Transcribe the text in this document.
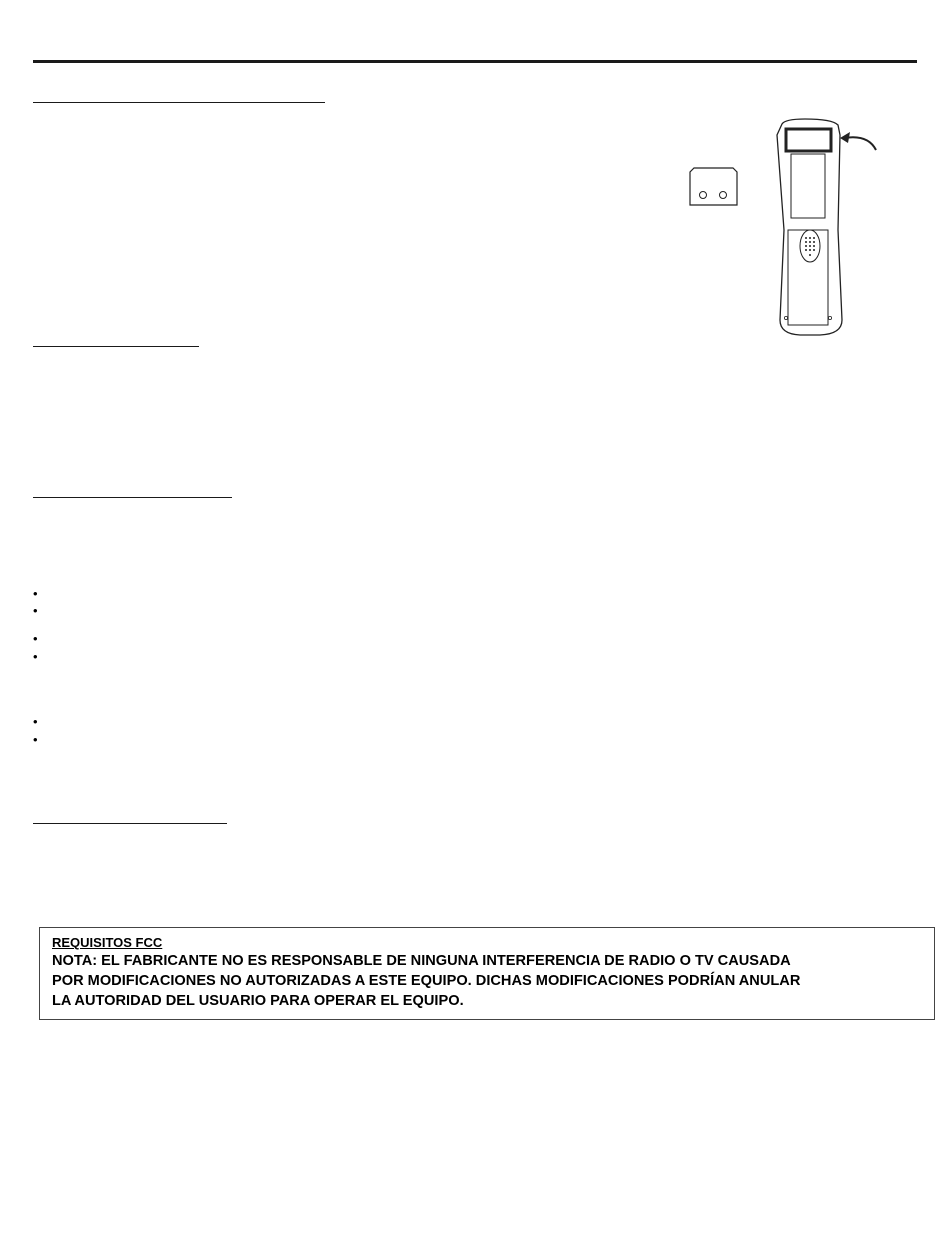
•
•
•
•
•
•
REQUISITOS FCC
NOTA: EL FABRICANTE NO ES RESPONSABLE DE NINGUNA INTERFERENCIA DE RADIO O TV CAUSADA
POR MODIFICACIONES NO AUTORIZADAS A ESTE EQUIPO. DICHAS MODIFICACIONES PODRÍAN ANULAR
LA AUTORIDAD DEL USUARIO PARA OPERAR EL EQUIPO.
